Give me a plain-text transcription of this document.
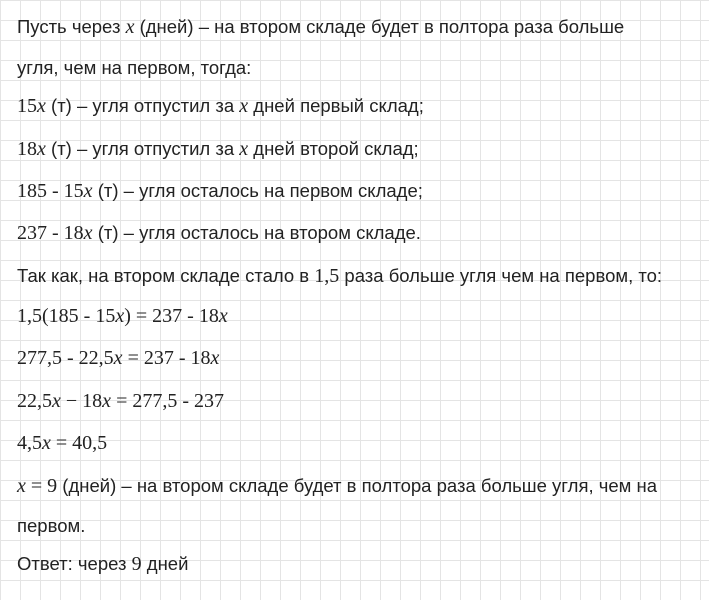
Пусть через x (дней) – на втором складе будет в полтора раза больше
угля, чем на первом, тогда:
15x (т) – угля отпустил за x дней первый склад;
18x (т) – угля отпустил за x дней второй склад;
185 - 15x (т) – угля осталось на первом складе;
237 - 18x (т) – угля осталось на втором складе.
Так как, на втором складе стало в 1,5 раза больше угля чем на первом, то:
1,5(185 - 15x) = 237 - 18x
277,5 - 22,5x = 237 - 18x
22,5x − 18x = 277,5 - 237
4,5x = 40,5
x = 9 (дней) – на втором складе будет в полтора раза больше угля, чем на
первом.
Ответ: через 9 дней
